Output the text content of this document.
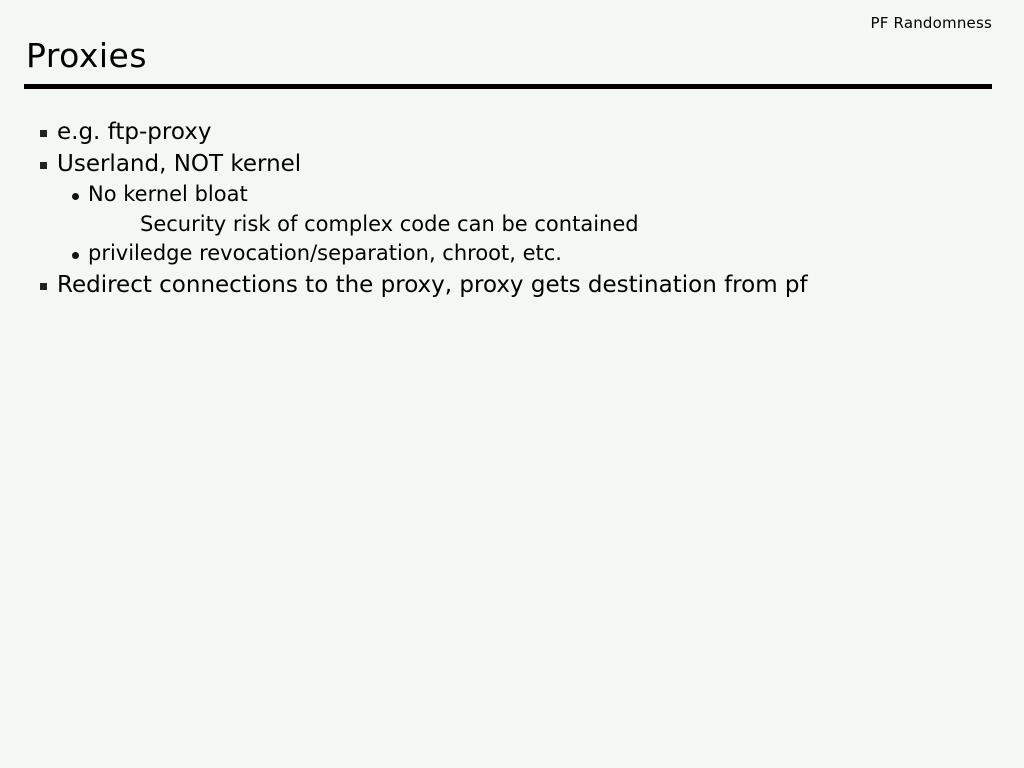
PF Randomness
Proxies
e.g. ftp-proxy
Userland, NOT kernel
No kernel bloat
Security risk of complex code can be contained
priviledge revocation/separation, chroot, etc.
Redirect connections to the proxy, proxy gets destination from pf
